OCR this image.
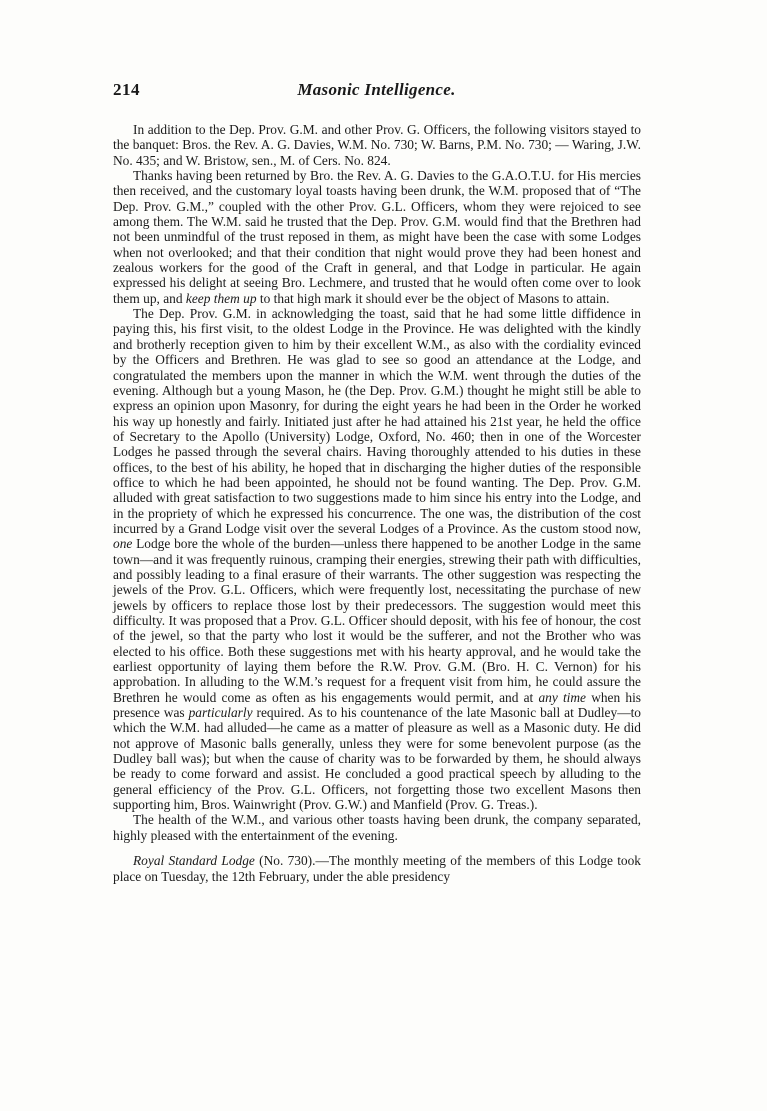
214	Masonic Intelligence.

In addition to the Dep. Prov. G.M. and other Prov. G. Officers, the following visitors stayed to the banquet: Bros. the Rev. A. G. Davies, W.M. No. 730; W. Barns, P.M. No. 730; — Waring, J.W. No. 435; and W. Bristow, sen., M. of Cers. No. 824.

Thanks having been returned by Bro. the Rev. A. G. Davies to the G.A.O.T.U. for His mercies then received, and the customary loyal toasts having been drunk, the W.M. proposed that of “The Dep. Prov. G.M.,” coupled with the other Prov. G.L. Officers, whom they were rejoiced to see among them. The W.M. said he trusted that the Dep. Prov. G.M. would find that the Brethren had not been unmindful of the trust reposed in them, as might have been the case with some Lodges when not overlooked; and that their condition that night would prove they had been honest and zealous workers for the good of the Craft in general, and that Lodge in particular. He again expressed his delight at seeing Bro. Lechmere, and trusted that he would often come over to look them up, and keep them up to that high mark it should ever be the object of Masons to attain.

The Dep. Prov. G.M. in acknowledging the toast, said that he had some little diffidence in paying this, his first visit, to the oldest Lodge in the Province. He was delighted with the kindly and brotherly reception given to him by their excellent W.M., as also with the cordiality evinced by the Officers and Brethren. He was glad to see so good an attendance at the Lodge, and congratulated the members upon the manner in which the W.M. went through the duties of the evening. Although but a young Mason, he (the Dep. Prov. G.M.) thought he might still be able to express an opinion upon Masonry, for during the eight years he had been in the Order he worked his way up honestly and fairly. Initiated just after he had attained his 21st year, he held the office of Secretary to the Apollo (University) Lodge, Oxford, No. 460; then in one of the Worcester Lodges he passed through the several chairs. Having thoroughly attended to his duties in these offices, to the best of his ability, he hoped that in discharging the higher duties of the responsible office to which he had been appointed, he should not be found wanting. The Dep. Prov. G.M. alluded with great satisfaction to two suggestions made to him since his entry into the Lodge, and in the propriety of which he expressed his concurrence. The one was, the distribution of the cost incurred by a Grand Lodge visit over the several Lodges of a Province. As the custom stood now, one Lodge bore the whole of the burden—unless there happened to be another Lodge in the same town—and it was frequently ruinous, cramping their energies, strewing their path with difficulties, and possibly leading to a final erasure of their warrants. The other suggestion was respecting the jewels of the Prov. G.L. Officers, which were frequently lost, necessitating the purchase of new jewels by officers to replace those lost by their predecessors. The suggestion would meet this difficulty. It was proposed that a Prov. G.L. Officer should deposit, with his fee of honour, the cost of the jewel, so that the party who lost it would be the sufferer, and not the Brother who was elected to his office. Both these suggestions met with his hearty approval, and he would take the earliest opportunity of laying them before the R.W. Prov. G.M. (Bro. H. C. Vernon) for his approbation. In alluding to the W.M.’s request for a frequent visit from him, he could assure the Brethren he would come as often as his engagements would permit, and at any time when his presence was particularly required. As to his countenance of the late Masonic ball at Dudley—to which the W.M. had alluded—he came as a matter of pleasure as well as a Masonic duty. He did not approve of Masonic balls generally, unless they were for some benevolent purpose (as the Dudley ball was); but when the cause of charity was to be forwarded by them, he should always be ready to come forward and assist. He concluded a good practical speech by alluding to the general efficiency of the Prov. G.L. Officers, not forgetting those two excellent Masons then supporting him, Bros. Wainwright (Prov. G.W.) and Manfield (Prov. G. Treas.).

The health of the W.M., and various other toasts having been drunk, the company separated, highly pleased with the entertainment of the evening.

Royal Standard Lodge (No. 730).—The monthly meeting of the members of this Lodge took place on Tuesday, the 12th February, under the able presidency
